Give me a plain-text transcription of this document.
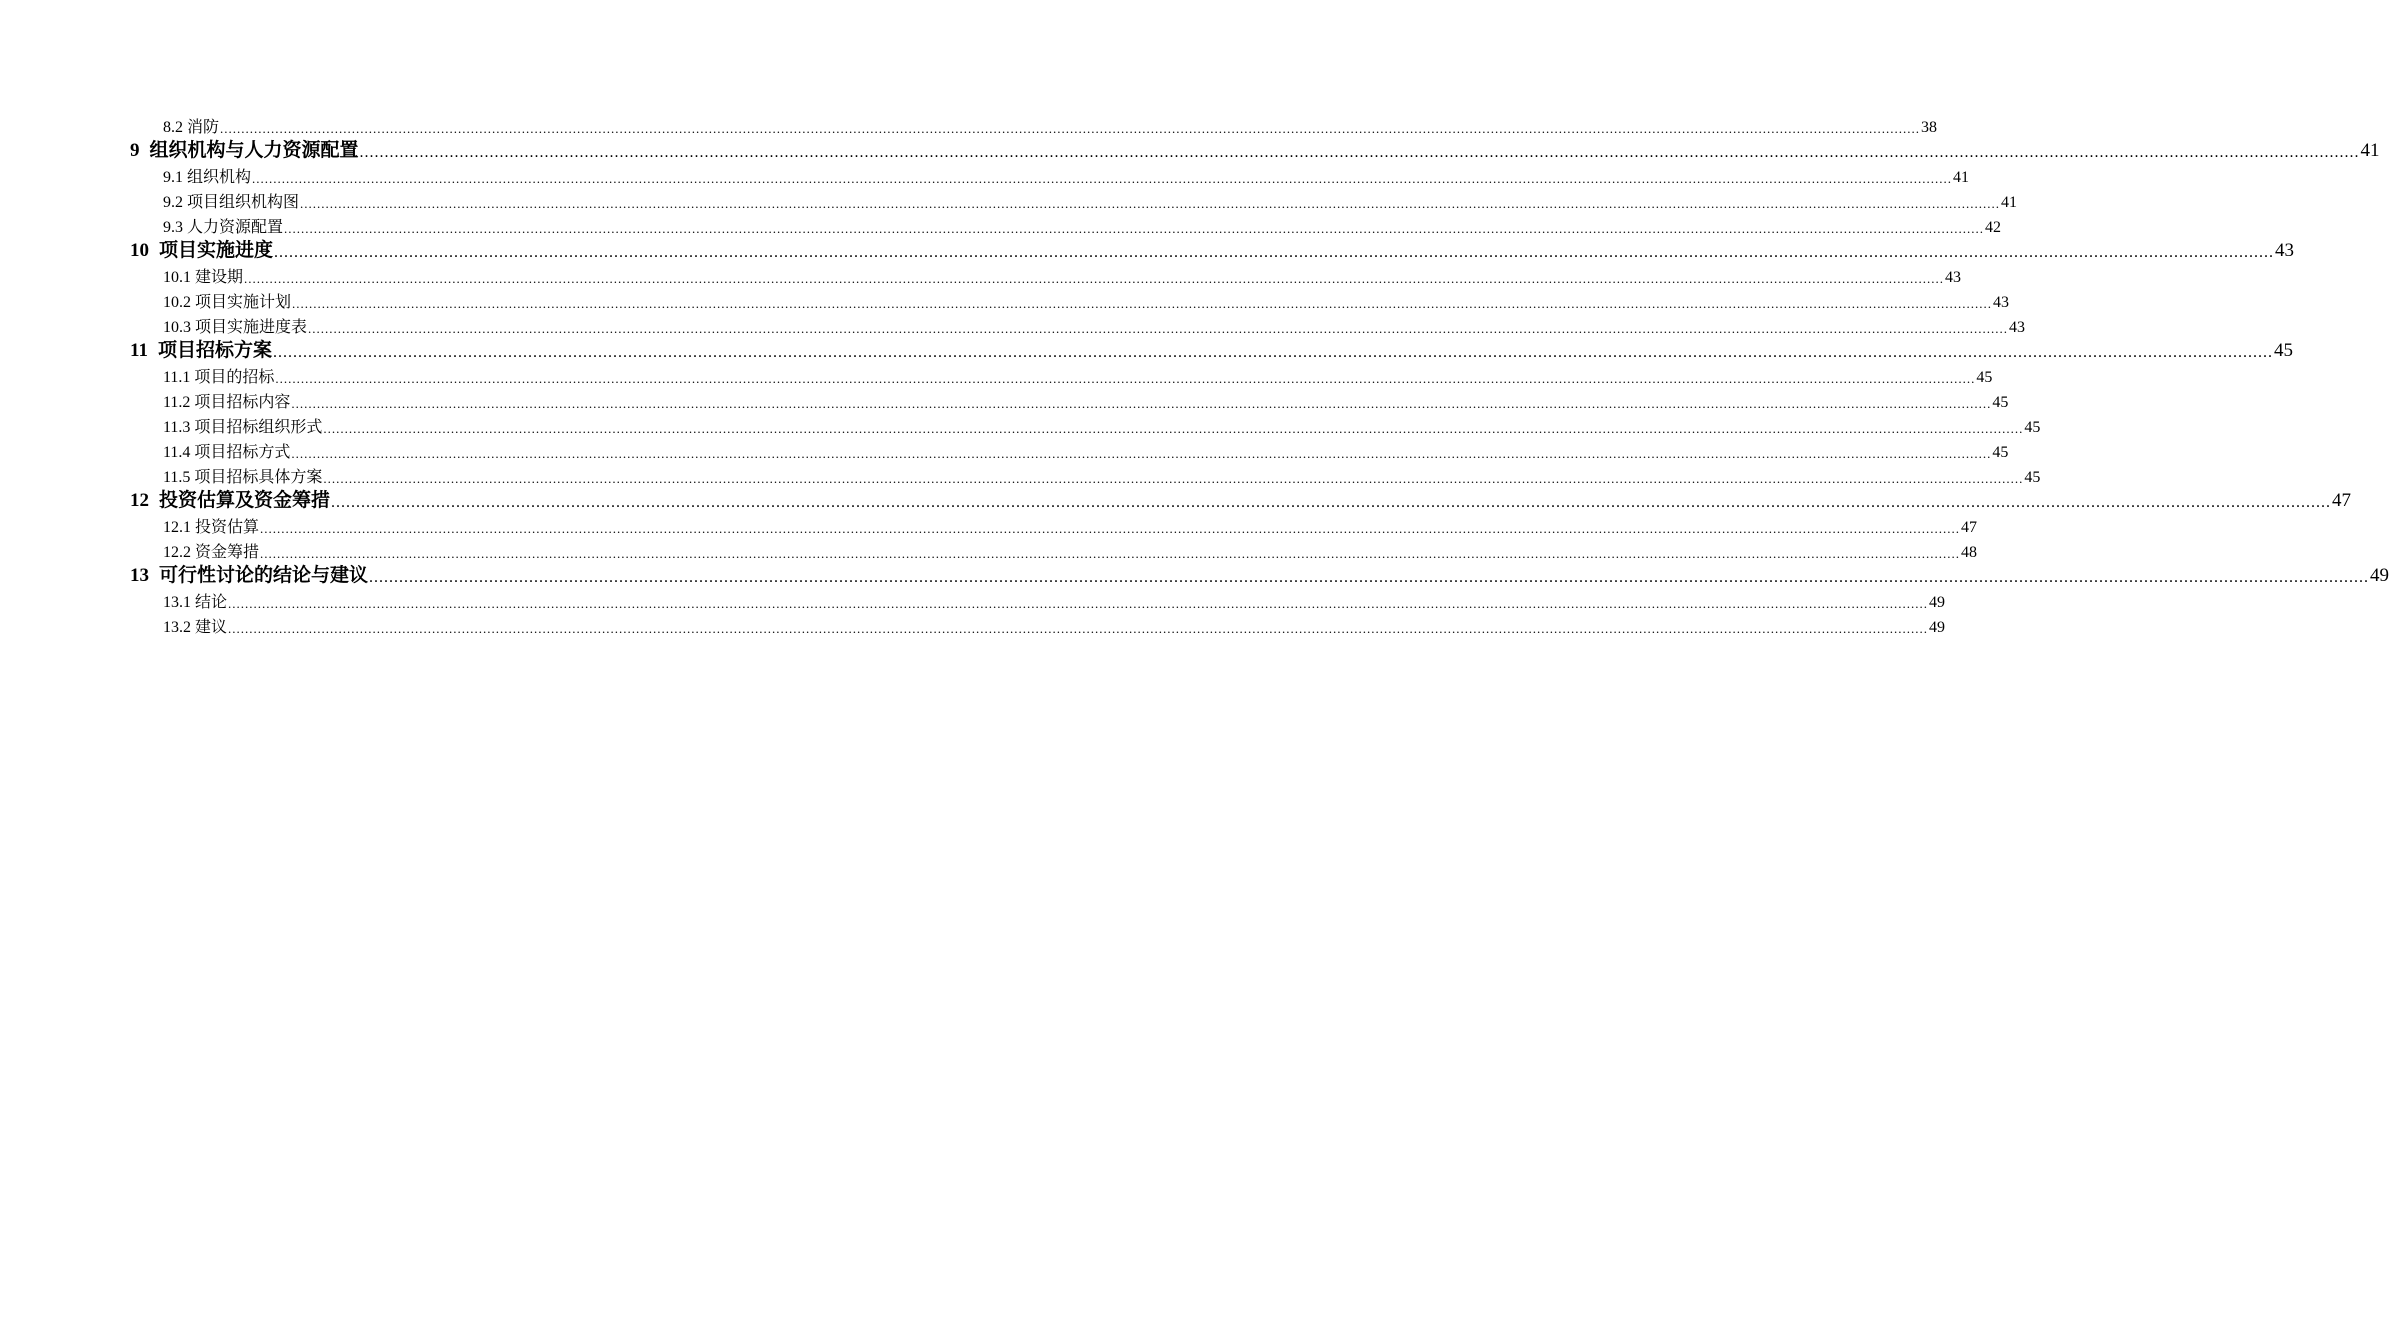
8.2 消防 ................................................................................................................................................................................................................................................................................................................................................................................................................ 38
9 组织机构与人力资源配置 ................................................................................................................................................................................................................................................................................................................................................................................................................ 41
9.1 组织机构 ................................................................................................................................................................................................................................................................................................................................................................................................................ 41
9.2 项目组织机构图 ................................................................................................................................................................................................................................................................................................................................................................................................................ 41
9.3 人力资源配置 ................................................................................................................................................................................................................................................................................................................................................................................................................ 42
10 项目实施进度 ................................................................................................................................................................................................................................................................................................................................................................................................................ 43
10.1 建设期 ................................................................................................................................................................................................................................................................................................................................................................................................................ 43
10.2 项目实施计划 ................................................................................................................................................................................................................................................................................................................................................................................................................ 43
10.3 项目实施进度表 ................................................................................................................................................................................................................................................................................................................................................................................................................ 43
11 项目招标方案 ................................................................................................................................................................................................................................................................................................................................................................................................................ 45
11.1 项目的招标 ................................................................................................................................................................................................................................................................................................................................................................................................................ 45
11.2 项目招标内容 ................................................................................................................................................................................................................................................................................................................................................................................................................ 45
11.3 项目招标组织形式 ................................................................................................................................................................................................................................................................................................................................................................................................................ 45
11.4 项目招标方式 ................................................................................................................................................................................................................................................................................................................................................................................................................ 45
11.5 项目招标具体方案 ................................................................................................................................................................................................................................................................................................................................................................................................................ 45
12 投资估算及资金筹措 ................................................................................................................................................................................................................................................................................................................................................................................................................ 47
12.1 投资估算 ................................................................................................................................................................................................................................................................................................................................................................................................................ 47
12.2 资金筹措 ................................................................................................................................................................................................................................................................................................................................................................................................................ 48
13 可行性讨论的结论与建议 ................................................................................................................................................................................................................................................................................................................................................................................................................ 49
13.1 结论 ................................................................................................................................................................................................................................................................................................................................................................................................................ 49
13.2 建议 ................................................................................................................................................................................................................................................................................................................................................................................................................ 49
